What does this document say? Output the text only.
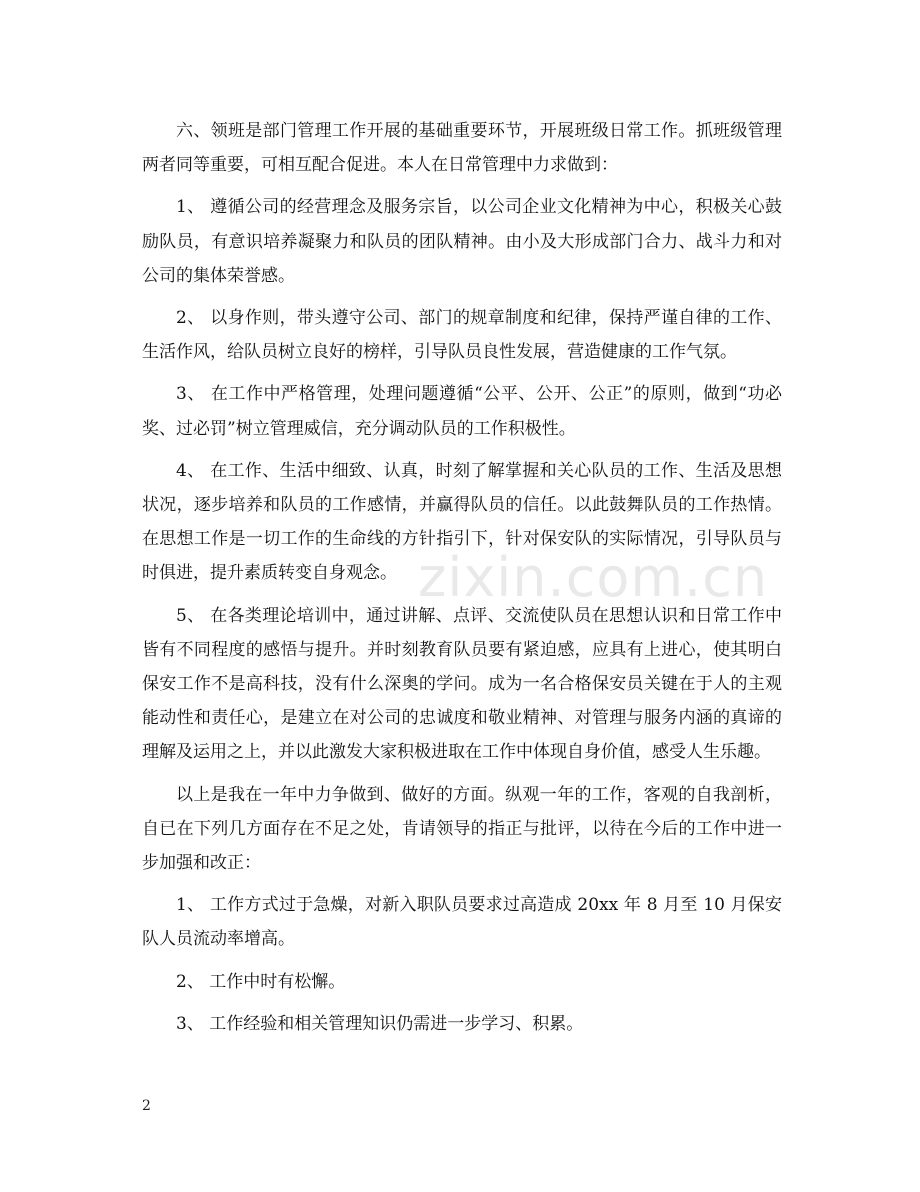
六、领班是部门管理工作开展的基础重要环节，开展班级日常工作。抓班级管理两者同等重要，可相互配合促进。本人在日常管理中力求做到：

1、 遵循公司的经营理念及服务宗旨，以公司企业文化精神为中心，积极关心鼓励队员，有意识培养凝聚力和队员的团队精神。由小及大形成部门合力、战斗力和对公司的集体荣誉感。

2、 以身作则，带头遵守公司、部门的规章制度和纪律，保持严谨自律的工作、生活作风，给队员树立良好的榜样，引导队员良性发展，营造健康的工作气氛。

3、 在工作中严格管理，处理问题遵循“公平、公开、公正”的原则，做到“功必奖、过必罚”树立管理威信，充分调动队员的工作积极性。

4、 在工作、生活中细致、认真，时刻了解掌握和关心队员的工作、生活及思想状况，逐步培养和队员的工作感情，并赢得队员的信任。以此鼓舞队员的工作热情。在思想工作是一切工作的生命线的方针指引下，针对保安队的实际情况，引导队员与时俱进，提升素质转变自身观念。

5、 在各类理论培训中，通过讲解、点评、交流使队员在思想认识和日常工作中皆有不同程度的感悟与提升。并时刻教育队员要有紧迫感，应具有上进心，使其明白保安工作不是高科技，没有什么深奥的学问。成为一名合格保安员关键在于人的主观能动性和责任心，是建立在对公司的忠诚度和敬业精神、对管理与服务内涵的真谛的理解及运用之上，并以此激发大家积极进取在工作中体现自身价值，感受人生乐趣。

以上是我在一年中力争做到、做好的方面。纵观一年的工作，客观的自我剖析，自已在下列几方面存在不足之处，肯请领导的指正与批评，以待在今后的工作中进一步加强和改正：

1、 工作方式过于急燥，对新入职队员要求过高造成 20xx 年 8 月至 10 月保安队人员流动率增高。

2、 工作中时有松懈。

3、 工作经验和相关管理知识仍需进一步学习、积累。

zixin.com.cn
2
